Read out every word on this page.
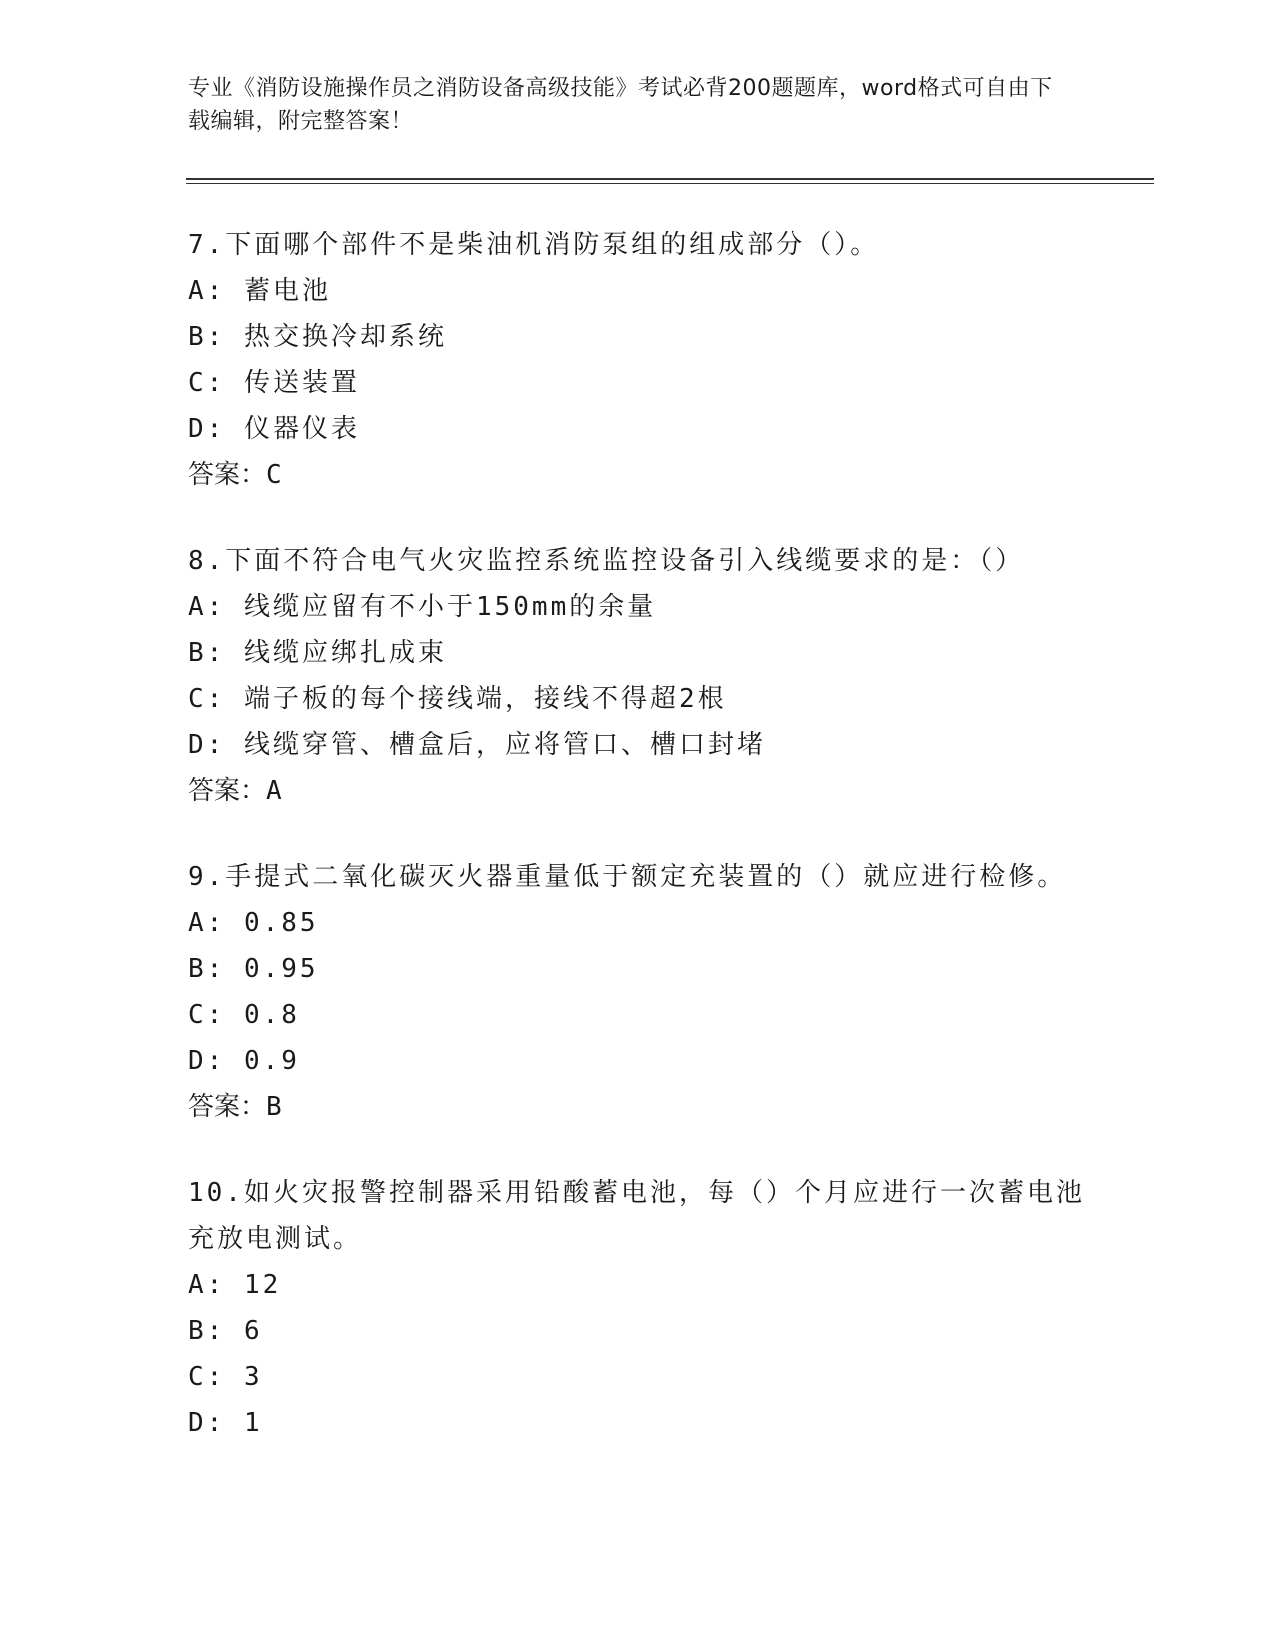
专业《消防设施操作员之消防设备高级技能》考试必背200题题库，word格式可自由下载编辑，附完整答案！

7.下面哪个部件不是柴油机消防泵组的组成部分（）。

A: 蓄电池

B: 热交换冷却系统

C: 传送装置

D: 仪器仪表

答案：C

8.下面不符合电气火灾监控系统监控设备引入线缆要求的是：（）

A: 线缆应留有不小于150mm的余量

B: 线缆应绑扎成束

C: 端子板的每个接线端，接线不得超2根

D: 线缆穿管、槽盒后，应将管口、槽口封堵

答案：A

9.手提式二氧化碳灭火器重量低于额定充装置的（）就应进行检修。

A: 0.85

B: 0.95

C: 0.8

D: 0.9

答案：B

10.如火灾报警控制器采用铅酸蓄电池，每（）个月应进行一次蓄电池充放电测试。

A: 12

B: 6

C: 3

D: 1
